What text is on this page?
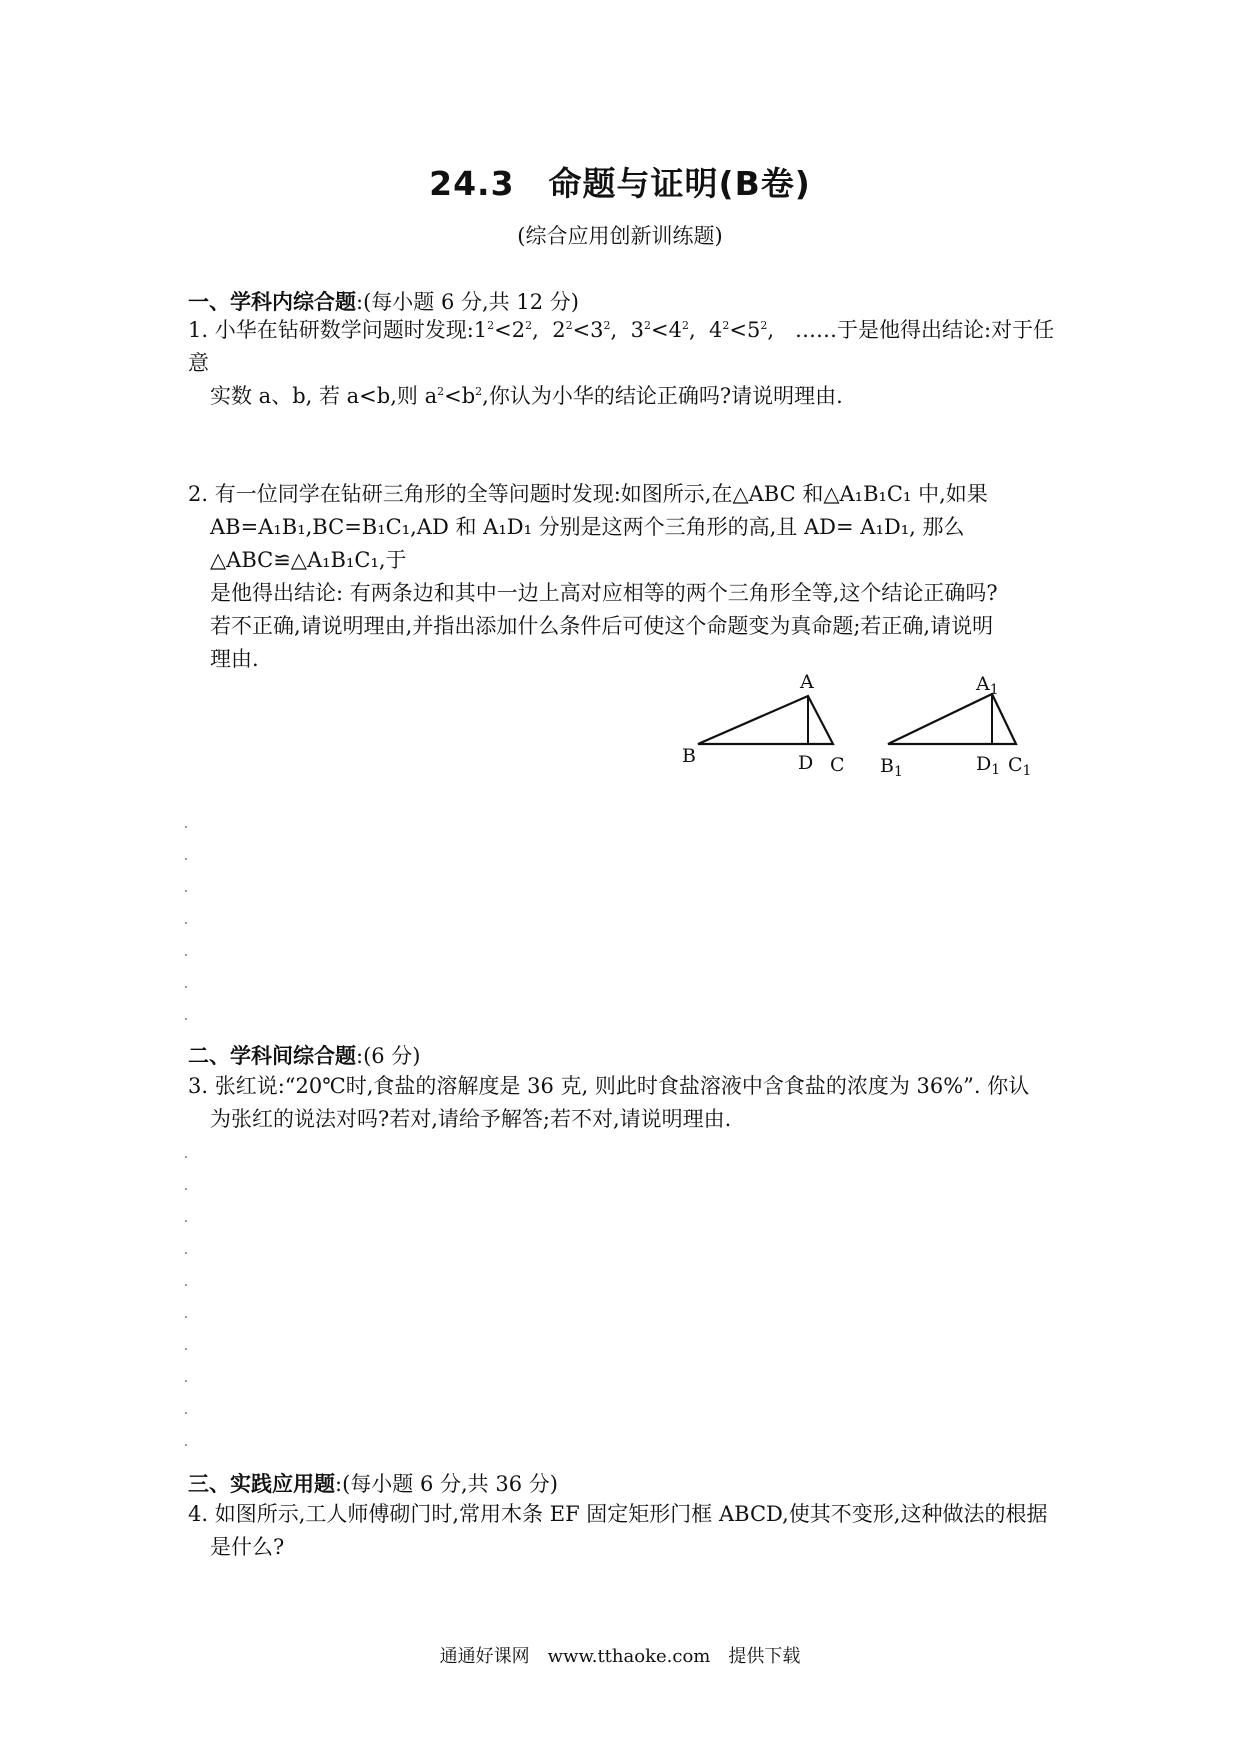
24.3　命题与证明(B卷)
(综合应用创新训练题)
一、学科内综合题:(每小题 6 分,共 12 分)

1. 小华在钻研数学问题时发现$:1^2<2^2$,  $2^2<3^2$,  $3^2<4^2$,  $4^2<5^2$,　……于是他得出结论:对于任意

实数 a、b, 若 a<b,则 $a^2<b^2$,你认为小华的结论正确吗?请说明理由.

2. 有一位同学在钻研三角形的全等问题时发现:如图所示,在△ABC 和△A₁B₁C₁ 中,如果

AB=A₁B₁,BC=B₁C₁,AD 和 A₁D₁ 分别是这两个三角形的高,且 AD= A₁D₁, 那么△ABC≌△A₁B₁C₁,于

是他得出结论: 有两条边和其中一边上高对应相等的两个三角形全等,这个结论正确吗?

若不正确,请说明理由,并指出添加什么条件后可使这个命题变为真命题;若正确,请说明

理由.

A
B	D C
$A_1$
$B_1$	$D_1$ $C_1$
二、学科间综合题:(6 分)

3. 张红说:“20℃时,食盐的溶解度是 36 克, 则此时食盐溶液中含食盐的浓度为 36%”. 你认

为张红的说法对吗?若对,请给予解答;若不对,请说明理由.

三、实践应用题:(每小题 6 分,共 36 分)

4. 如图所示,工人师傅砌门时,常用木条 EF 固定矩形门框 ABCD,使其不变形,这种做法的根据

是什么?

通通好课网　www.tthaoke.com　提供下载
